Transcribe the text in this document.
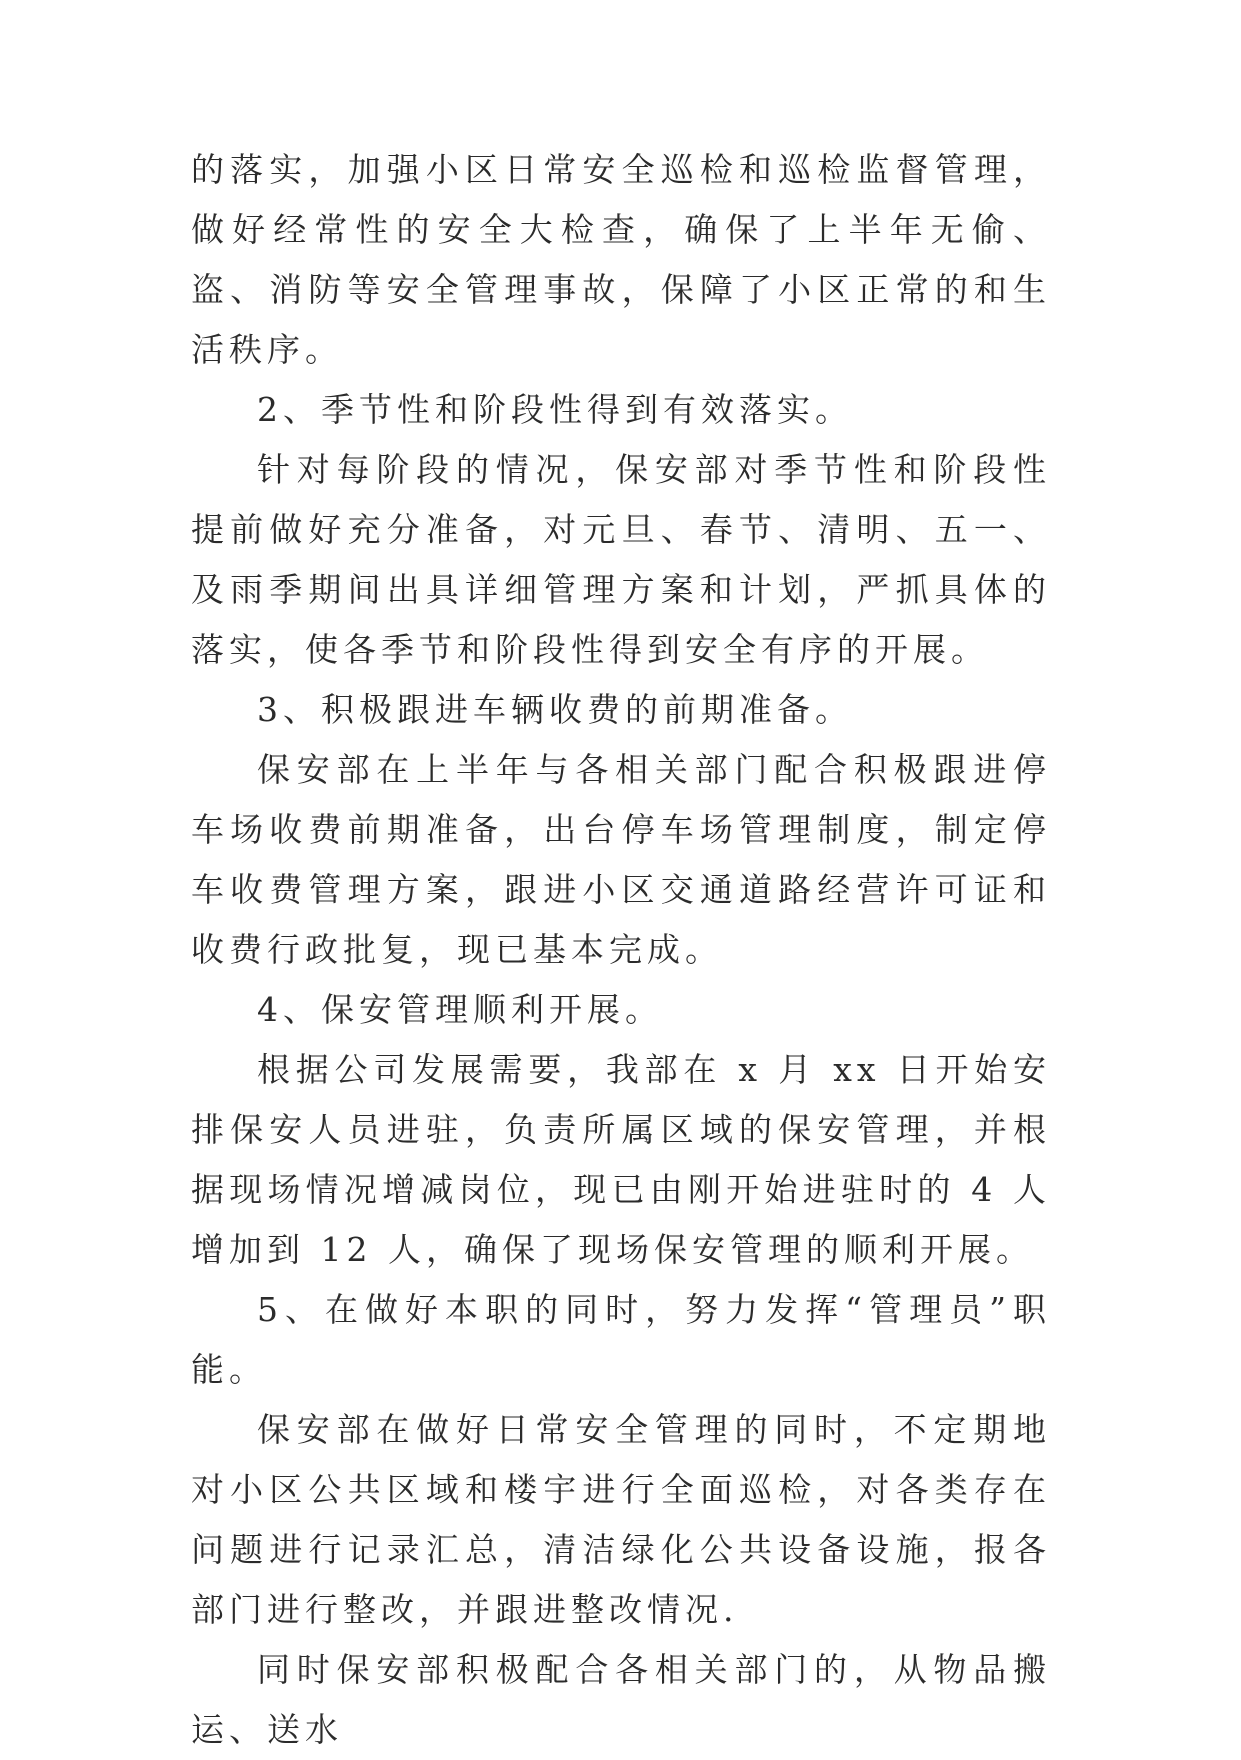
的落实，加强小区日常安全巡检和巡检监督管理，做好经常性的安全大检查，确保了上半年无偷、盗、消防等安全管理事故，保障了小区正常的和生活秩序。

2、季节性和阶段性得到有效落实。

针对每阶段的情况，保安部对季节性和阶段性提前做好充分准备，对元旦、春节、清明、五一、及雨季期间出具详细管理方案和计划，严抓具体的落实，使各季节和阶段性得到安全有序的开展。

3、积极跟进车辆收费的前期准备。

保安部在上半年与各相关部门配合积极跟进停车场收费前期准备，出台停车场管理制度，制定停车收费管理方案，跟进小区交通道路经营许可证和收费行政批复，现已基本完成。

4、保安管理顺利开展。

根据公司发展需要，我部在 x 月 xx 日开始安排保安人员进驻，负责所属区域的保安管理，并根据现场情况增减岗位，现已由刚开始进驻时的 4 人增加到 12 人，确保了现场保安管理的顺利开展。

5、在做好本职的同时，努力发挥“管理员”职能。

保安部在做好日常安全管理的同时，不定期地对小区公共区域和楼宇进行全面巡检，对各类存在问题进行记录汇总，清洁绿化公共设备设施，报各部门进行整改，并跟进整改情况.

同时保安部积极配合各相关部门的，从物品搬运、送水
